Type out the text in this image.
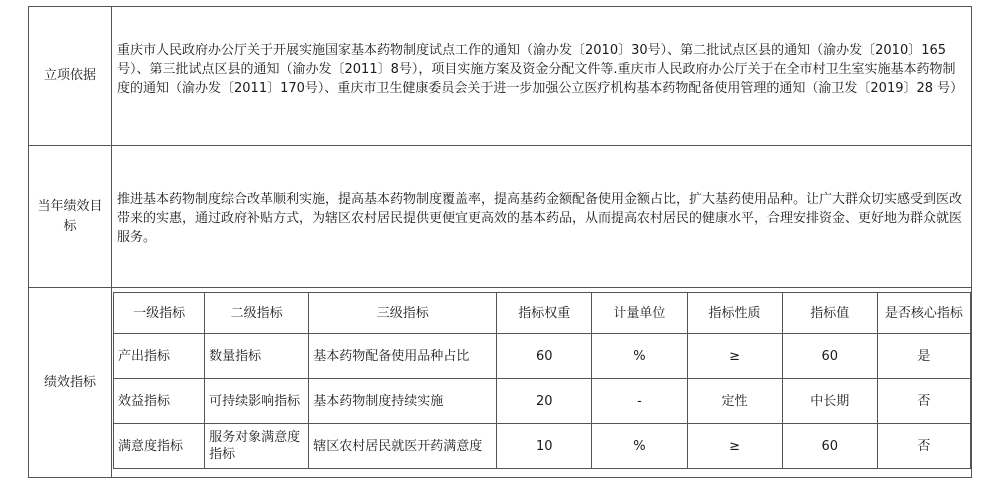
立项依据
重庆市人民政府办公厅关于开展实施国家基本药物制度试点工作的通知（渝办发〔2010〕30号）、第二批试点区县的通知（渝办发〔2010〕165号）、第三批试点区县的通知（渝办发〔2011〕8号），项目实施方案及资金分配文件等.重庆市人民政府办公厅关于在全市村卫生室实施基本药物制度的通知（渝办发〔2011〕170号）、重庆市卫生健康委员会关于进一步加强公立医疗机构基本药物配备使用管理的通知（渝卫发〔2019〕28 号）
当年绩效目标
推进基本药物制度综合改革顺利实施，提高基本药物制度覆盖率，提高基药金额配备使用金额占比，扩大基药使用品种。让广大群众切实感受到医改带来的实惠，通过政府补贴方式，为辖区农村居民提供更便宜更高效的基本药品，从而提高农村居民的健康水平，合理安排资金、更好地为群众就医服务。
绩效指标
一级指标	二级指标	三级指标	指标权重	计量单位	指标性质	指标值	是否核心指标
产出指标	数量指标	基本药物配备使用品种占比	60	%	≥	60	是
效益指标	可持续影响指标	基本药物制度持续实施	20	-	定性	中长期	否
满意度指标	服务对象满意度指标	辖区农村居民就医开药满意度	10	%	≥	60	否
